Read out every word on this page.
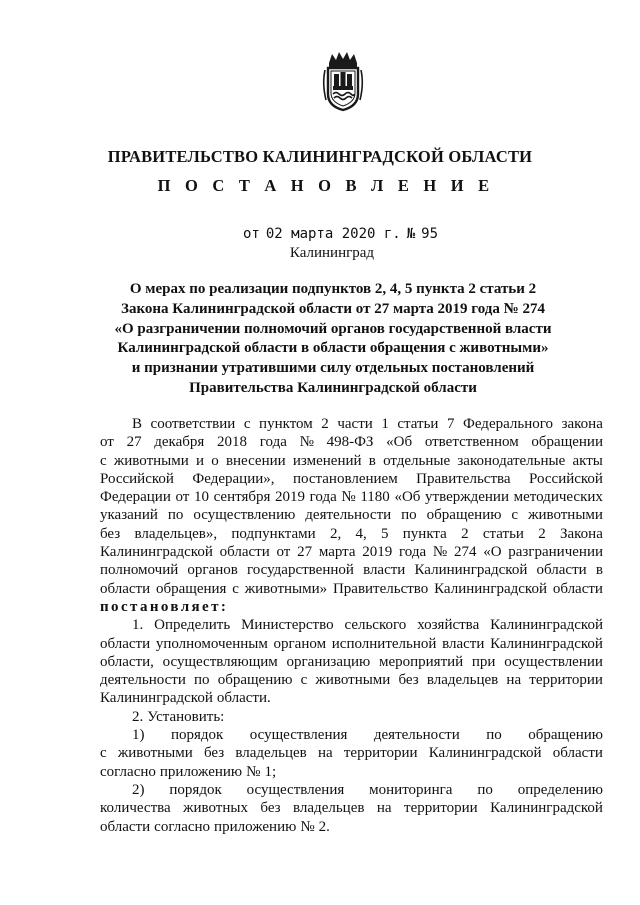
ПРАВИТЕЛЬСТВО КАЛИНИНГРАДСКОЙ ОБЛАСТИ
П О С Т А Н О В Л Е Н И Е
от 02 марта 2020 г. № 95
Калининград
О мерах по реализации подпунктов 2, 4, 5 пункта 2 статьи 2
Закона Калининградской области от 27 марта 2019 года № 274
«О разграничении полномочий органов государственной власти
Калининградской области в области обращения с животными»
и признании утратившими силу отдельных постановлений
Правительства Калининградской области
В соответствии с пунктом 2 части 1 статьи 7 Федерального закона
от 27 декабря 2018 года № 498-ФЗ «Об ответственном обращении
с животными и о внесении изменений в отдельные законодательные акты
Российской Федерации», постановлением Правительства Российской
Федерации от 10 сентября 2019 года № 1180 «Об утверждении методических
указаний по осуществлению деятельности по обращению с животными
без владельцев», подпунктами 2, 4, 5 пункта 2 статьи 2 Закона
Калининградской области от 27 марта 2019 года № 274 «О разграничении
полномочий органов государственной власти Калининградской области в
области обращения с животными» Правительство Калининградской области
постановляет:
1. Определить Министерство сельского хозяйства Калининградской
области уполномоченным органом исполнительной власти Калининградской
области, осуществляющим организацию мероприятий при осуществлении
деятельности по обращению с животными без владельцев на территории
Калининградской области.
2. Установить:
1) порядок осуществления деятельности по обращению
с животными без владельцев на территории Калининградской области
согласно приложению № 1;
2) порядок осуществления мониторинга по определению
количества животных без владельцев на территории Калининградской
области согласно приложению № 2.
